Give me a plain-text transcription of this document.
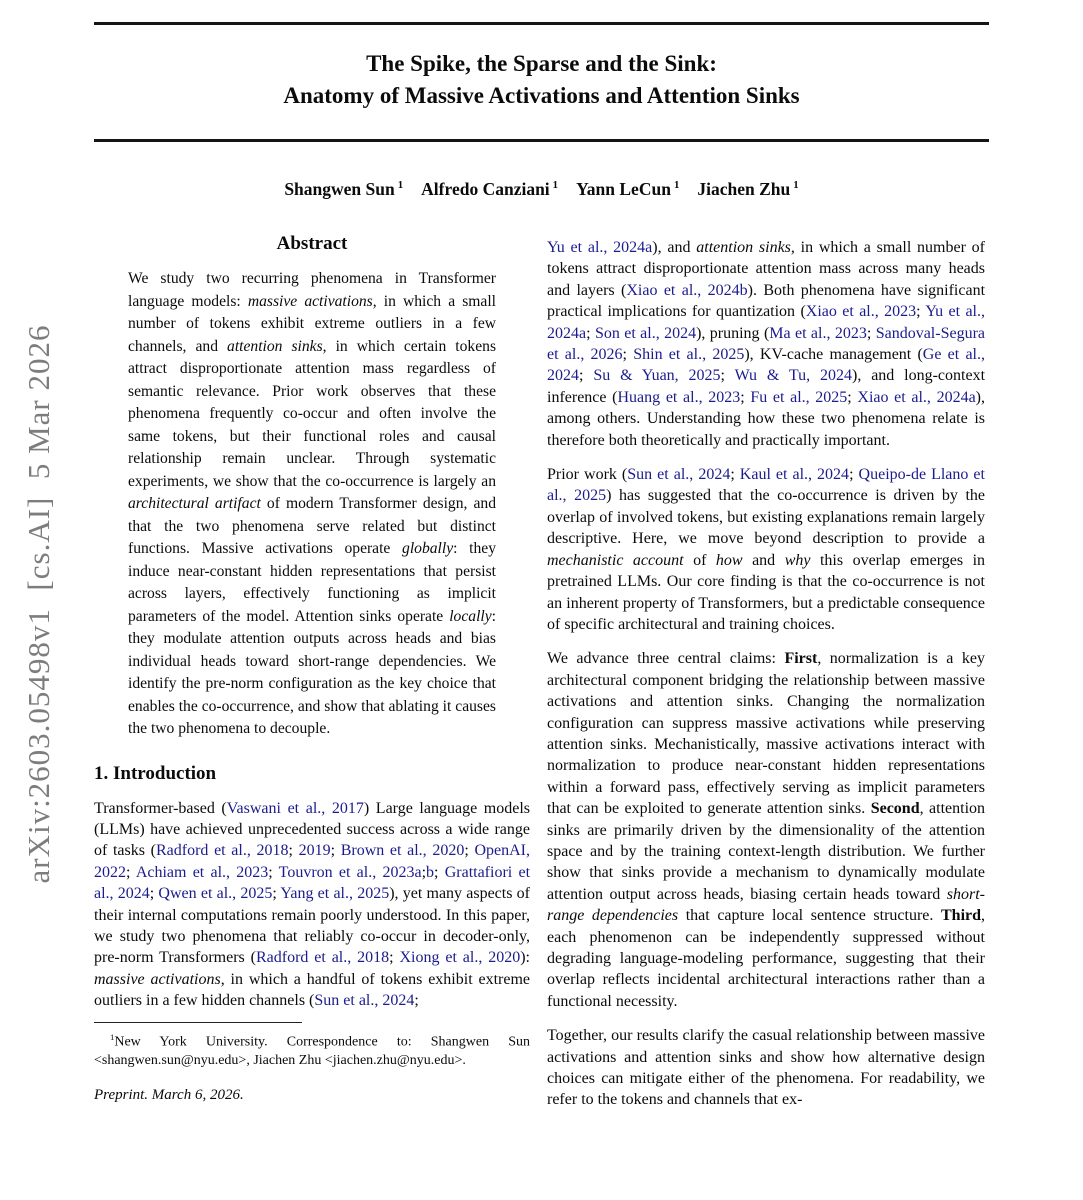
arXiv:2603.05498v1  [cs.AI]  5 Mar 2026
The Spike, the Sparse and the Sink:
Anatomy of Massive Activations and Attention Sinks
Shangwen Sun $^1$ Alfredo Canziani $^1$ Yann LeCun $^1$ Jiachen Zhu $^1$
Abstract
We study two recurring phenomena in Transformer language models: massive activations, in which a small number of tokens exhibit extreme outliers in a few channels, and attention sinks, in which certain tokens attract disproportionate attention mass regardless of semantic relevance. Prior work observes that these phenomena frequently co-occur and often involve the same tokens, but their functional roles and causal relationship remain unclear. Through systematic experiments, we show that the co-occurrence is largely an architectural artifact of modern Transformer design, and that the two phenomena serve related but distinct functions. Massive activations operate globally: they induce near-constant hidden representations that persist across layers, effectively functioning as implicit parameters of the model. Attention sinks operate locally: they modulate attention outputs across heads and bias individual heads toward short-range dependencies. We identify the pre-norm configuration as the key choice that enables the co-occurrence, and show that ablating it causes the two phenomena to decouple.
1. Introduction
Transformer-based (Vaswani et al., 2017) Large language models (LLMs) have achieved unprecedented success across a wide range of tasks (Radford et al., 2018; 2019; Brown et al., 2020; OpenAI, 2022; Achiam et al., 2023; Touvron et al., 2023a;b; Grattafiori et al., 2024; Qwen et al., 2025; Yang et al., 2025), yet many aspects of their internal computations remain poorly understood. In this paper, we study two phenomena that reliably co-occur in decoder-only, pre-norm Transformers (Radford et al., 2018; Xiong et al., 2020): massive activations, in which a handful of tokens exhibit extreme outliers in a few hidden channels (Sun et al., 2024;
$^1$New York University. Correspondence to: Shangwen Sun <shangwen.sun@nyu.edu>, Jiachen Zhu <jiachen.zhu@nyu.edu>.
Preprint. March 6, 2026.
Yu et al., 2024a), and attention sinks, in which a small number of tokens attract disproportionate attention mass across many heads and layers (Xiao et al., 2024b). Both phenomena have significant practical implications for quantization (Xiao et al., 2023; Yu et al., 2024a; Son et al., 2024), pruning (Ma et al., 2023; Sandoval-Segura et al., 2026; Shin et al., 2025), KV-cache management (Ge et al., 2024; Su & Yuan, 2025; Wu & Tu, 2024), and long-context inference (Huang et al., 2023; Fu et al., 2025; Xiao et al., 2024a), among others. Understanding how these two phenomena relate is therefore both theoretically and practically important.
Prior work (Sun et al., 2024; Kaul et al., 2024; Queipo-de Llano et al., 2025) has suggested that the co-occurrence is driven by the overlap of involved tokens, but existing explanations remain largely descriptive. Here, we move beyond description to provide a mechanistic account of how and why this overlap emerges in pretrained LLMs. Our core finding is that the co-occurrence is not an inherent property of Transformers, but a predictable consequence of specific architectural and training choices.
We advance three central claims: First, normalization is a key architectural component bridging the relationship between massive activations and attention sinks. Changing the normalization configuration can suppress massive activations while preserving attention sinks. Mechanistically, massive activations interact with normalization to produce near-constant hidden representations within a forward pass, effectively serving as implicit parameters that can be exploited to generate attention sinks. Second, attention sinks are primarily driven by the dimensionality of the attention space and by the training context-length distribution. We further show that sinks provide a mechanism to dynamically modulate attention output across heads, biasing certain heads toward short-range dependencies that capture local sentence structure. Third, each phenomenon can be independently suppressed without degrading language-modeling performance, suggesting that their overlap reflects incidental architectural interactions rather than a functional necessity.
Together, our results clarify the casual relationship between massive activations and attention sinks and show how alternative design choices can mitigate either of the phenomena. For readability, we refer to the tokens and channels that ex-
